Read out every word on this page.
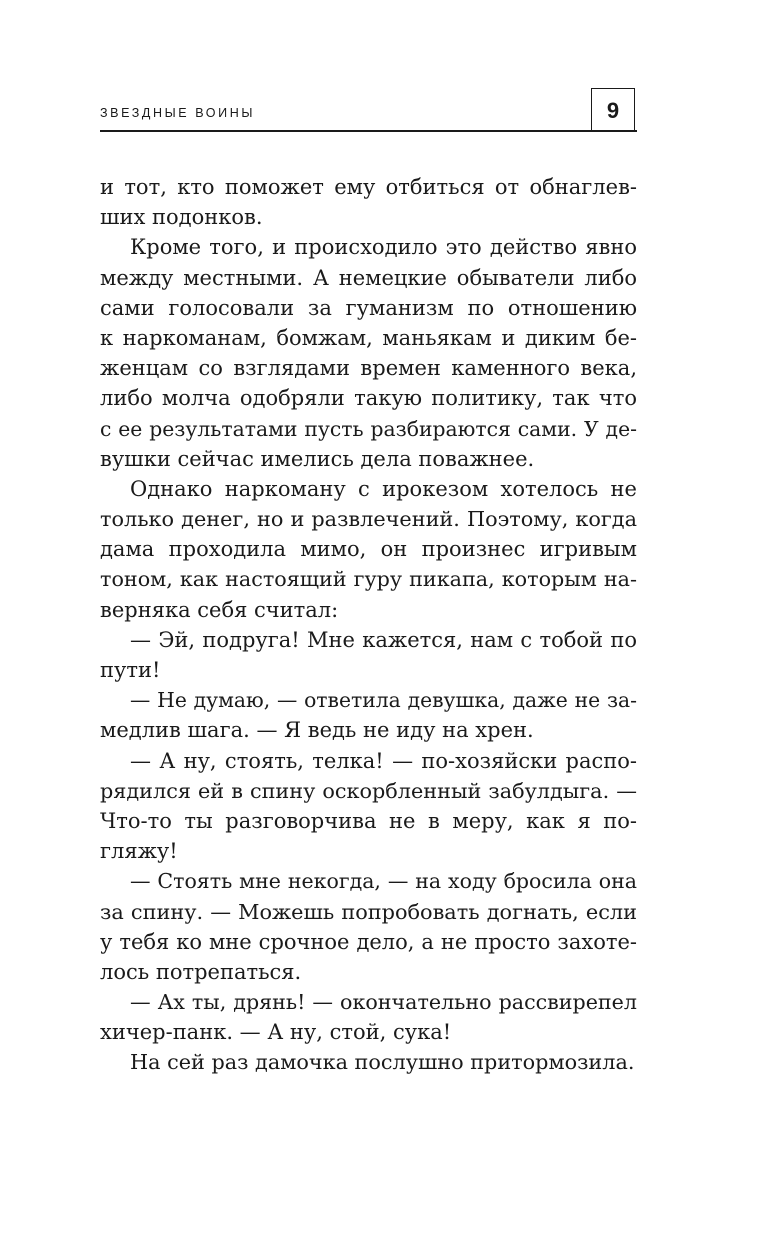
ЗВЕЗДНЫЕ ВОИНЫ	9
и тот, кто поможет ему отбиться от обнаглев-
ших подонков.
Кроме того, и происходило это действо явно
между местными. А немецкие обыватели либо
сами голосовали за гуманизм по отношению
к наркоманам, бомжам, маньякам и диким бе-
женцам со взглядами времен каменного века,
либо молча одобряли такую политику, так что
с ее результатами пусть разбираются сами. У де-
вушки сейчас имелись дела поважнее.
Однако наркоману с ирокезом хотелось не
только денег, но и развлечений. Поэтому, когда
дама проходила мимо, он произнес игривым
тоном, как настоящий гуру пикапа, которым на-
верняка себя считал:
— Эй, подруга! Мне кажется, нам с тобой по
пути!
— Не думаю, — ответила девушка, даже не за-
медлив шага. — Я ведь не иду на хрен.
— А ну, стоять, телка! — по-хозяйски распо-
рядился ей в спину оскорбленный забулдыга. —
Что-то ты разговорчива не в меру, как я по-
гляжу!
— Стоять мне некогда, — на ходу бросила она
за спину. — Можешь попробовать догнать, если
у тебя ко мне срочное дело, а не просто захоте-
лось потрепаться.
— Ах ты, дрянь! — окончательно рассвирепел
хичер-панк. — А ну, стой, сука!
На сей раз дамочка послушно притормозила.
